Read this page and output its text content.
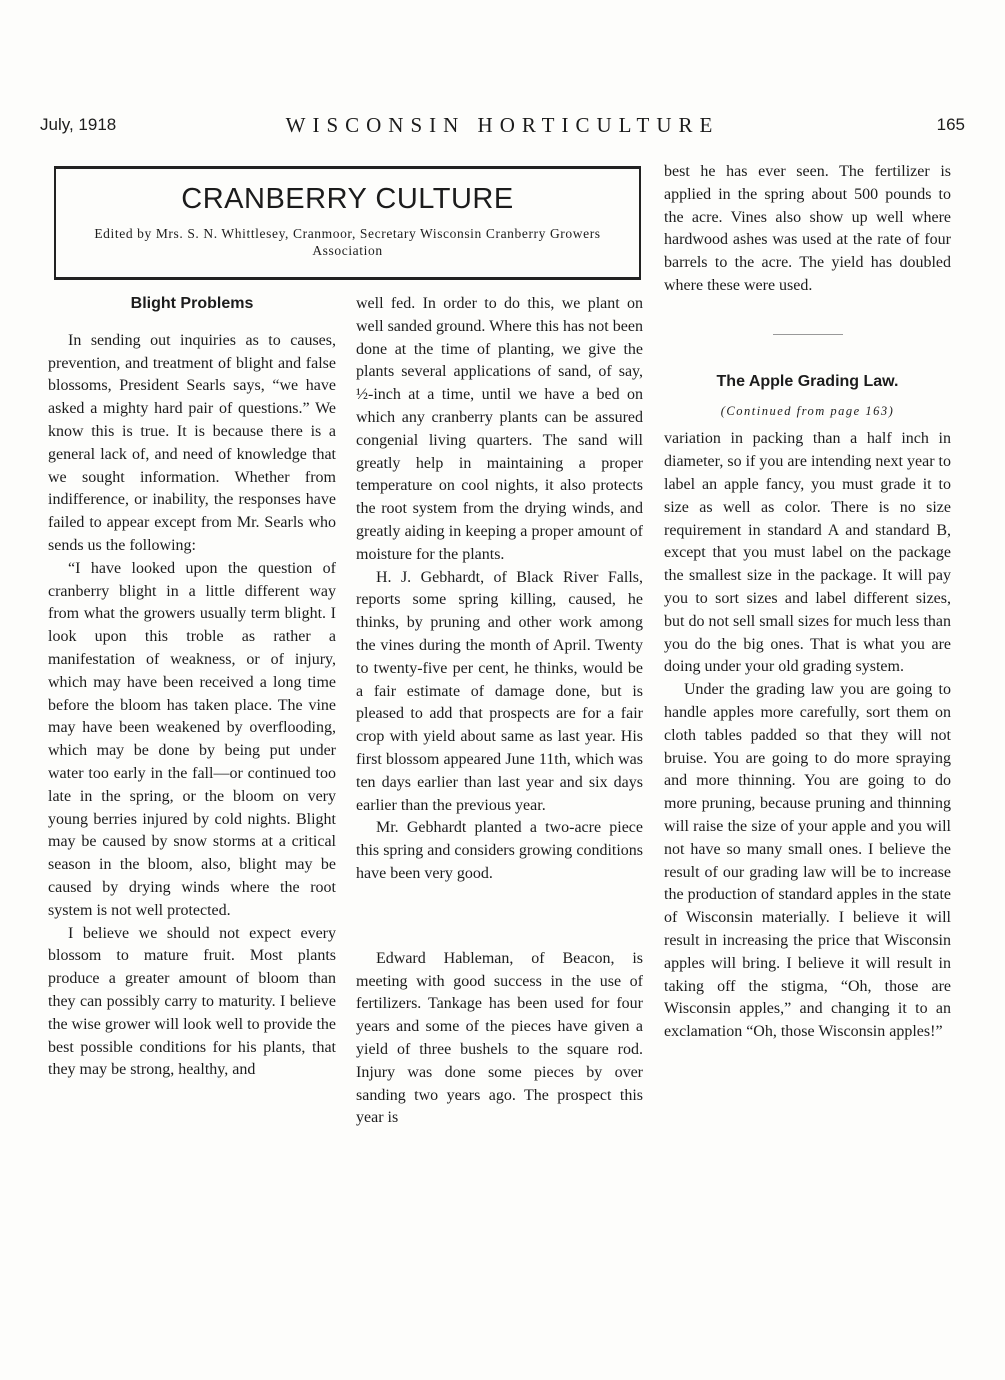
July, 1918	WISCONSIN HORTICULTURE	165
CRANBERRY CULTURE
Edited by Mrs. S. N. Whittlesey, Cranmoor, Secretary Wisconsin Cranberry Growers Association
Blight Problems

In sending out inquiries as to causes, prevention, and treatment of blight and false blossoms, President Searls says, “we have asked a mighty hard pair of questions.” We know this is true. It is because there is a general lack of, and need of knowledge that we sought information. Whether from indifference, or inability, the responses have failed to appear except from Mr. Searls who sends us the following:

“I have looked upon the question of cranberry blight in a little different way from what the growers usually term blight. I look upon this troble as rather a manifestation of weakness, or of injury, which may have been received a long time before the bloom has taken place. The vine may have been weakened by overflooding, which may be done by being put under water too early in the fall—or continued too late in the spring, or the bloom on very young berries injured by cold nights. Blight may be caused by snow storms at a critical season in the bloom, also, blight may be caused by drying winds where the root system is not well protected.

I believe we should not expect every blossom to mature fruit. Most plants produce a greater amount of bloom than they can possibly carry to maturity. I believe the wise grower will look well to provide the best possible conditions for his plants, that they may be strong, healthy, and

well fed. In order to do this, we plant on well sanded ground. Where this has not been done at the time of planting, we give the plants several applications of sand, of say, ½-inch at a time, until we have a bed on which any cranberry plants can be assured congenial living quarters. The sand will greatly help in maintaining a proper temperature on cool nights, it also protects the root system from the drying winds, and greatly aiding in keeping a proper amount of moisture for the plants.

H. J. Gebhardt, of Black River Falls, reports some spring killing, caused, he thinks, by pruning and other work among the vines during the month of April. Twenty to twenty-five per cent, he thinks, would be a fair estimate of damage done, but is pleased to add that prospects are for a fair crop with yield about same as last year. His first blossom appeared June 11th, which was ten days earlier than last year and six days earlier than the previous year.

Mr. Gebhardt planted a two-acre piece this spring and considers growing conditions have been very good.

Edward Hableman, of Beacon, is meeting with good success in the use of fertilizers. Tankage has been used for four years and some of the pieces have given a yield of three bushels to the square rod. Injury was done some pieces by over sanding two years ago. The prospect this year is

best he has ever seen. The fertilizer is applied in the spring about 500 pounds to the acre. Vines also show up well where hardwood ashes was used at the rate of four barrels to the acre. The yield has doubled where these were used.

The Apple Grading Law.
(Continued from page 163)

variation in packing than a half inch in diameter, so if you are intending next year to label an apple fancy, you must grade it to size as well as color. There is no size requirement in standard A and standard B, except that you must label on the package the smallest size in the package. It will pay you to sort sizes and label different sizes, but do not sell small sizes for much less than you do the big ones. That is what you are doing under your old grading system.

Under the grading law you are going to handle apples more carefully, sort them on cloth tables padded so that they will not bruise. You are going to do more spraying and more thinning. You are going to do more pruning, because pruning and thinning will raise the size of your apple and you will not have so many small ones. I believe the result of our grading law will be to increase the production of standard apples in the state of Wisconsin materially. I believe it will result in increasing the price that Wisconsin apples will bring. I believe it will result in taking off the stigma, “Oh, those are Wisconsin apples,” and changing it to an exclamation “Oh, those Wisconsin apples!”
